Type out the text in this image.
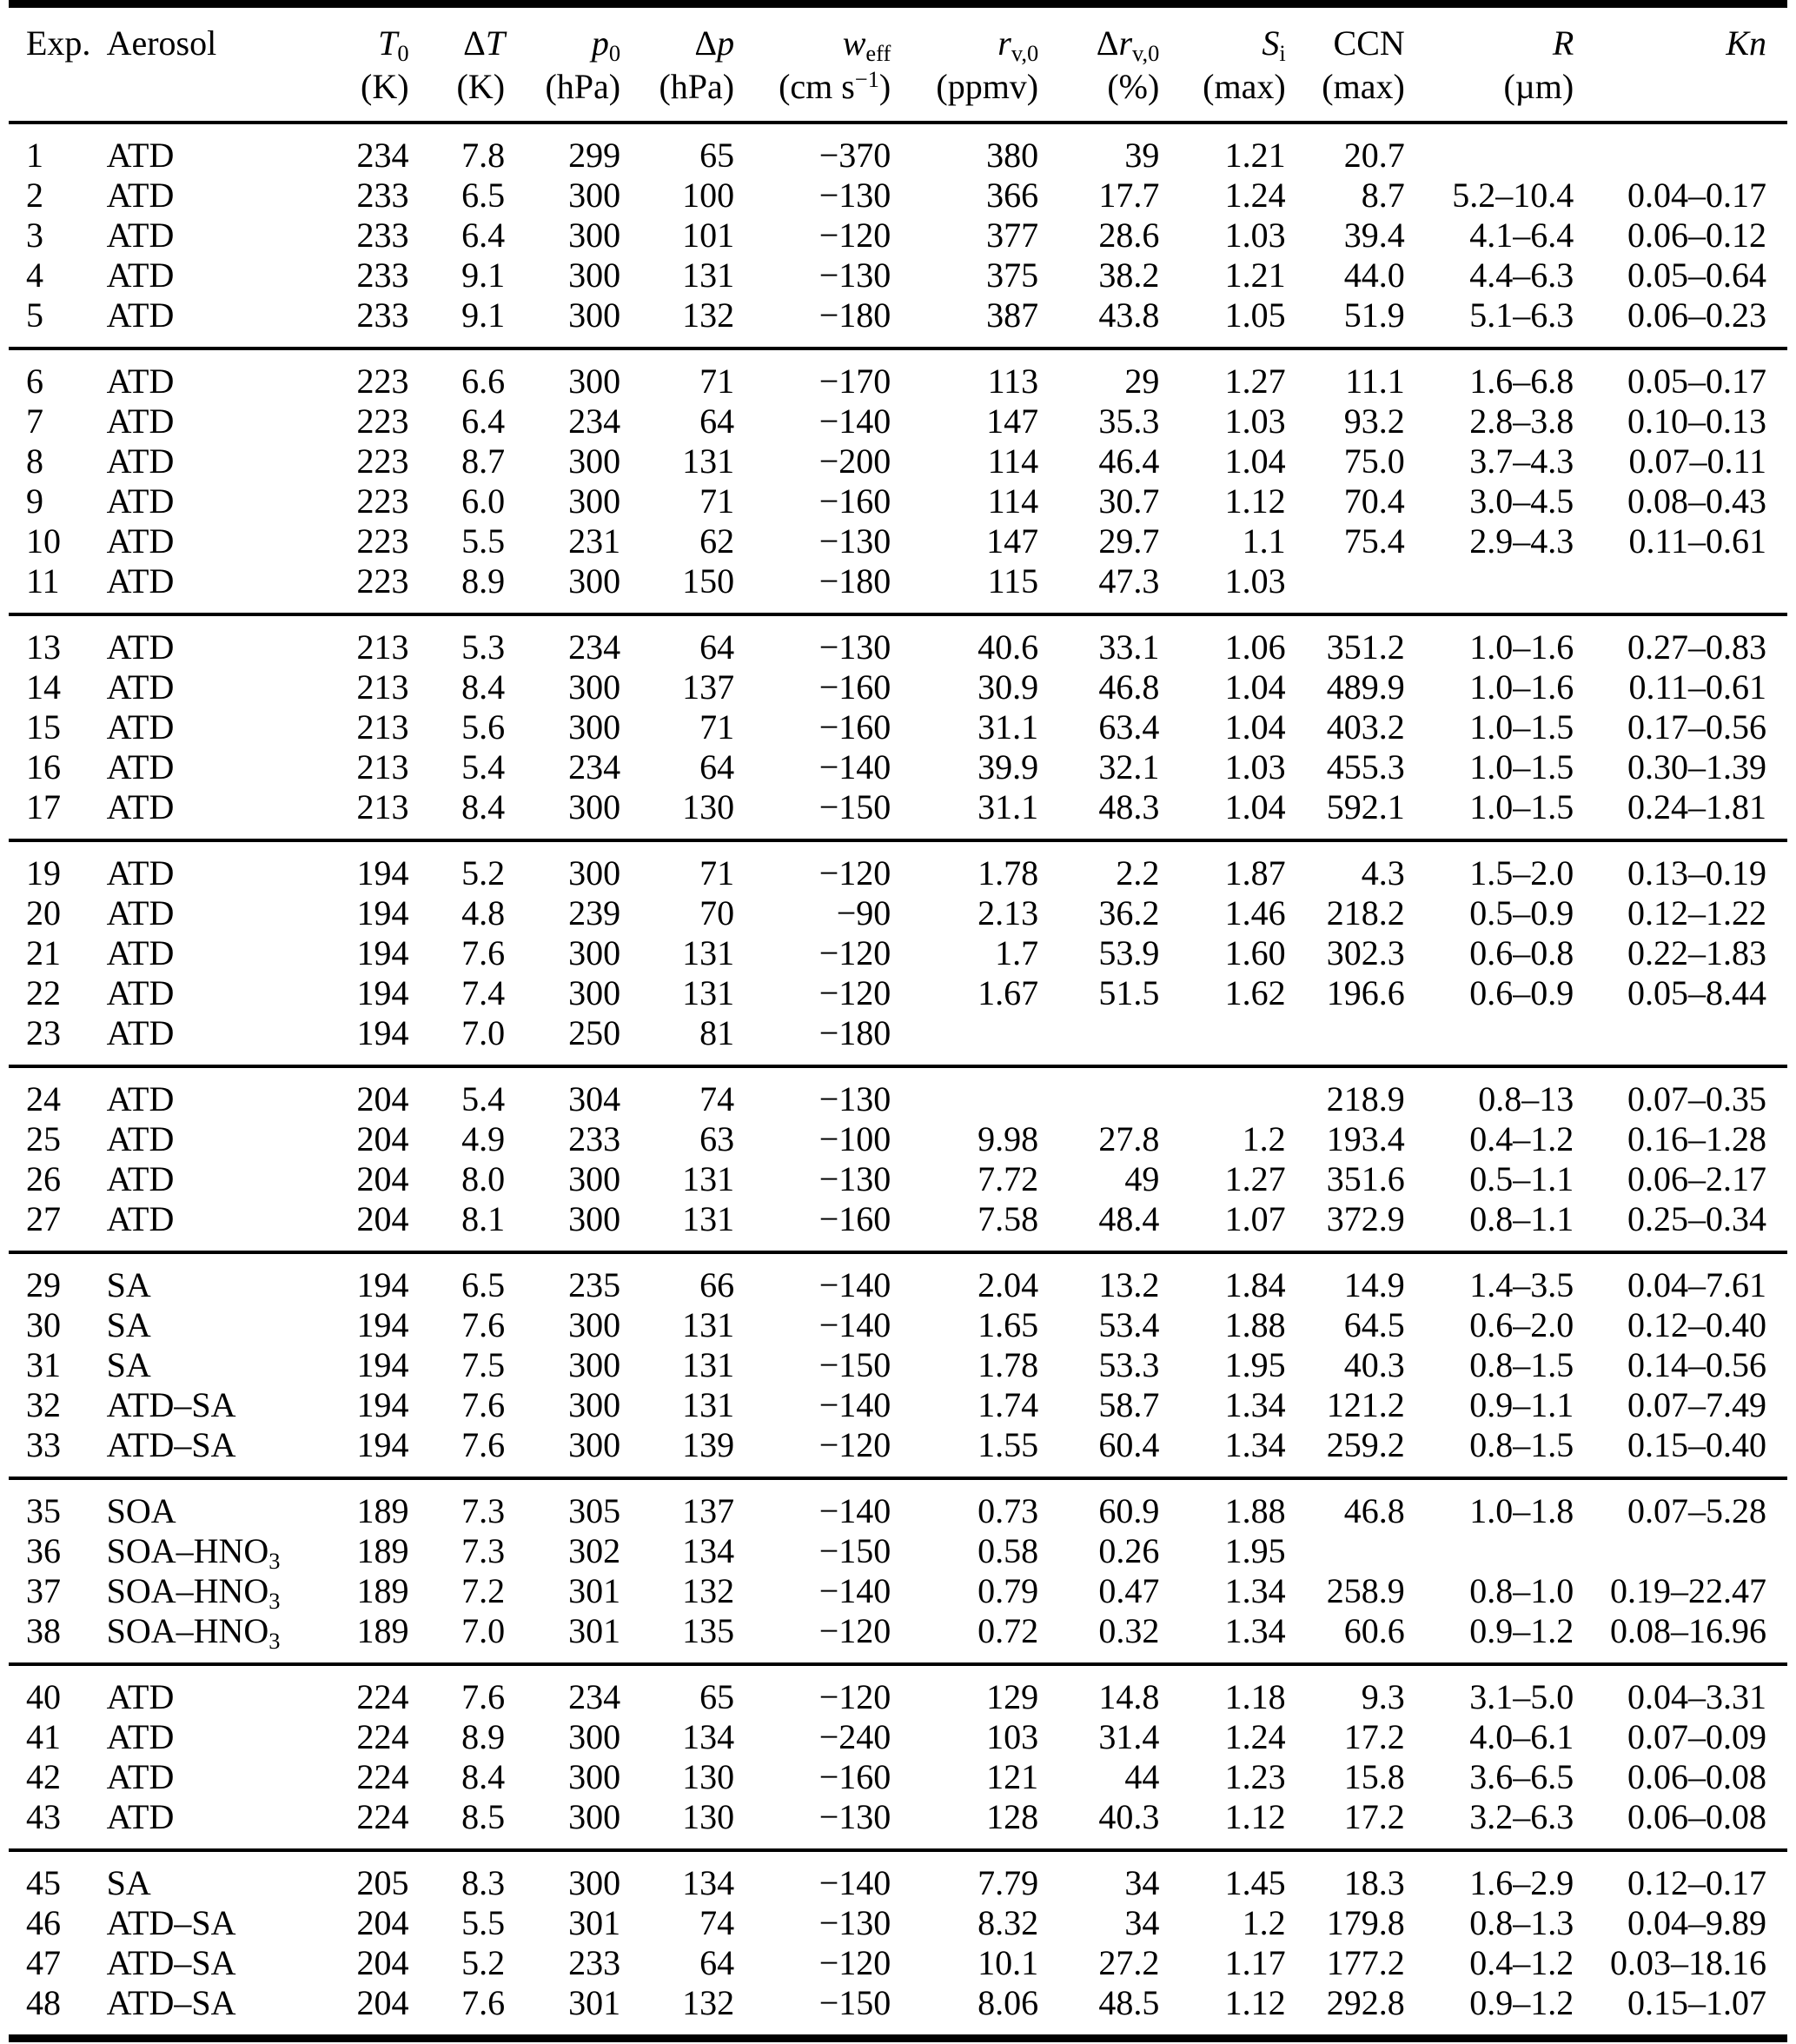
Exp.	Aerosol	$T_0$	ΔT	$p_0$	Δp	$w_{eff}$	$r_{v,0}$	$\Delta r_{v,0}$	$S_i$	CCN	R	Kn
		(K)	(K)	(hPa)	(hPa)	(cm $s^{-1}$)	(ppmv)	(%)	(max)	(max)	(µm)	
1	ATD	234	7.8	299	65	−370	380	39	1.21	20.7		
2	ATD	233	6.5	300	100	−130	366	17.7	1.24	8.7	5.2–10.4	0.04–0.17
3	ATD	233	6.4	300	101	−120	377	28.6	1.03	39.4	4.1–6.4	0.06–0.12
4	ATD	233	9.1	300	131	−130	375	38.2	1.21	44.0	4.4–6.3	0.05–0.64
5	ATD	233	9.1	300	132	−180	387	43.8	1.05	51.9	5.1–6.3	0.06–0.23
6	ATD	223	6.6	300	71	−170	113	29	1.27	11.1	1.6–6.8	0.05–0.17
7	ATD	223	6.4	234	64	−140	147	35.3	1.03	93.2	2.8–3.8	0.10–0.13
8	ATD	223	8.7	300	131	−200	114	46.4	1.04	75.0	3.7–4.3	0.07–0.11
9	ATD	223	6.0	300	71	−160	114	30.7	1.12	70.4	3.0–4.5	0.08–0.43
10	ATD	223	5.5	231	62	−130	147	29.7	1.1	75.4	2.9–4.3	0.11–0.61
11	ATD	223	8.9	300	150	−180	115	47.3	1.03			
13	ATD	213	5.3	234	64	−130	40.6	33.1	1.06	351.2	1.0–1.6	0.27–0.83
14	ATD	213	8.4	300	137	−160	30.9	46.8	1.04	489.9	1.0–1.6	0.11–0.61
15	ATD	213	5.6	300	71	−160	31.1	63.4	1.04	403.2	1.0–1.5	0.17–0.56
16	ATD	213	5.4	234	64	−140	39.9	32.1	1.03	455.3	1.0–1.5	0.30–1.39
17	ATD	213	8.4	300	130	−150	31.1	48.3	1.04	592.1	1.0–1.5	0.24–1.81
19	ATD	194	5.2	300	71	−120	1.78	2.2	1.87	4.3	1.5–2.0	0.13–0.19
20	ATD	194	4.8	239	70	−90	2.13	36.2	1.46	218.2	0.5–0.9	0.12–1.22
21	ATD	194	7.6	300	131	−120	1.7	53.9	1.60	302.3	0.6–0.8	0.22–1.83
22	ATD	194	7.4	300	131	−120	1.67	51.5	1.62	196.6	0.6–0.9	0.05–8.44
23	ATD	194	7.0	250	81	−180						
24	ATD	204	5.4	304	74	−130				218.9	0.8–13	0.07–0.35
25	ATD	204	4.9	233	63	−100	9.98	27.8	1.2	193.4	0.4–1.2	0.16–1.28
26	ATD	204	8.0	300	131	−130	7.72	49	1.27	351.6	0.5–1.1	0.06–2.17
27	ATD	204	8.1	300	131	−160	7.58	48.4	1.07	372.9	0.8–1.1	0.25–0.34
29	SA	194	6.5	235	66	−140	2.04	13.2	1.84	14.9	1.4–3.5	0.04–7.61
30	SA	194	7.6	300	131	−140	1.65	53.4	1.88	64.5	0.6–2.0	0.12–0.40
31	SA	194	7.5	300	131	−150	1.78	53.3	1.95	40.3	0.8–1.5	0.14–0.56
32	ATD–SA	194	7.6	300	131	−140	1.74	58.7	1.34	121.2	0.9–1.1	0.07–7.49
33	ATD–SA	194	7.6	300	139	−120	1.55	60.4	1.34	259.2	0.8–1.5	0.15–0.40
35	SOA	189	7.3	305	137	−140	0.73	60.9	1.88	46.8	1.0–1.8	0.07–5.28
36	SOA–$HNO_3$	189	7.3	302	134	−150	0.58	0.26	1.95			
37	SOA–$HNO_3$	189	7.2	301	132	−140	0.79	0.47	1.34	258.9	0.8–1.0	0.19–22.47
38	SOA–$HNO_3$	189	7.0	301	135	−120	0.72	0.32	1.34	60.6	0.9–1.2	0.08–16.96
40	ATD	224	7.6	234	65	−120	129	14.8	1.18	9.3	3.1–5.0	0.04–3.31
41	ATD	224	8.9	300	134	−240	103	31.4	1.24	17.2	4.0–6.1	0.07–0.09
42	ATD	224	8.4	300	130	−160	121	44	1.23	15.8	3.6–6.5	0.06–0.08
43	ATD	224	8.5	300	130	−130	128	40.3	1.12	17.2	3.2–6.3	0.06–0.08
45	SA	205	8.3	300	134	−140	7.79	34	1.45	18.3	1.6–2.9	0.12–0.17
46	ATD–SA	204	5.5	301	74	−130	8.32	34	1.2	179.8	0.8–1.3	0.04–9.89
47	ATD–SA	204	5.2	233	64	−120	10.1	27.2	1.17	177.2	0.4–1.2	0.03–18.16
48	ATD–SA	204	7.6	301	132	−150	8.06	48.5	1.12	292.8	0.9–1.2	0.15–1.07
